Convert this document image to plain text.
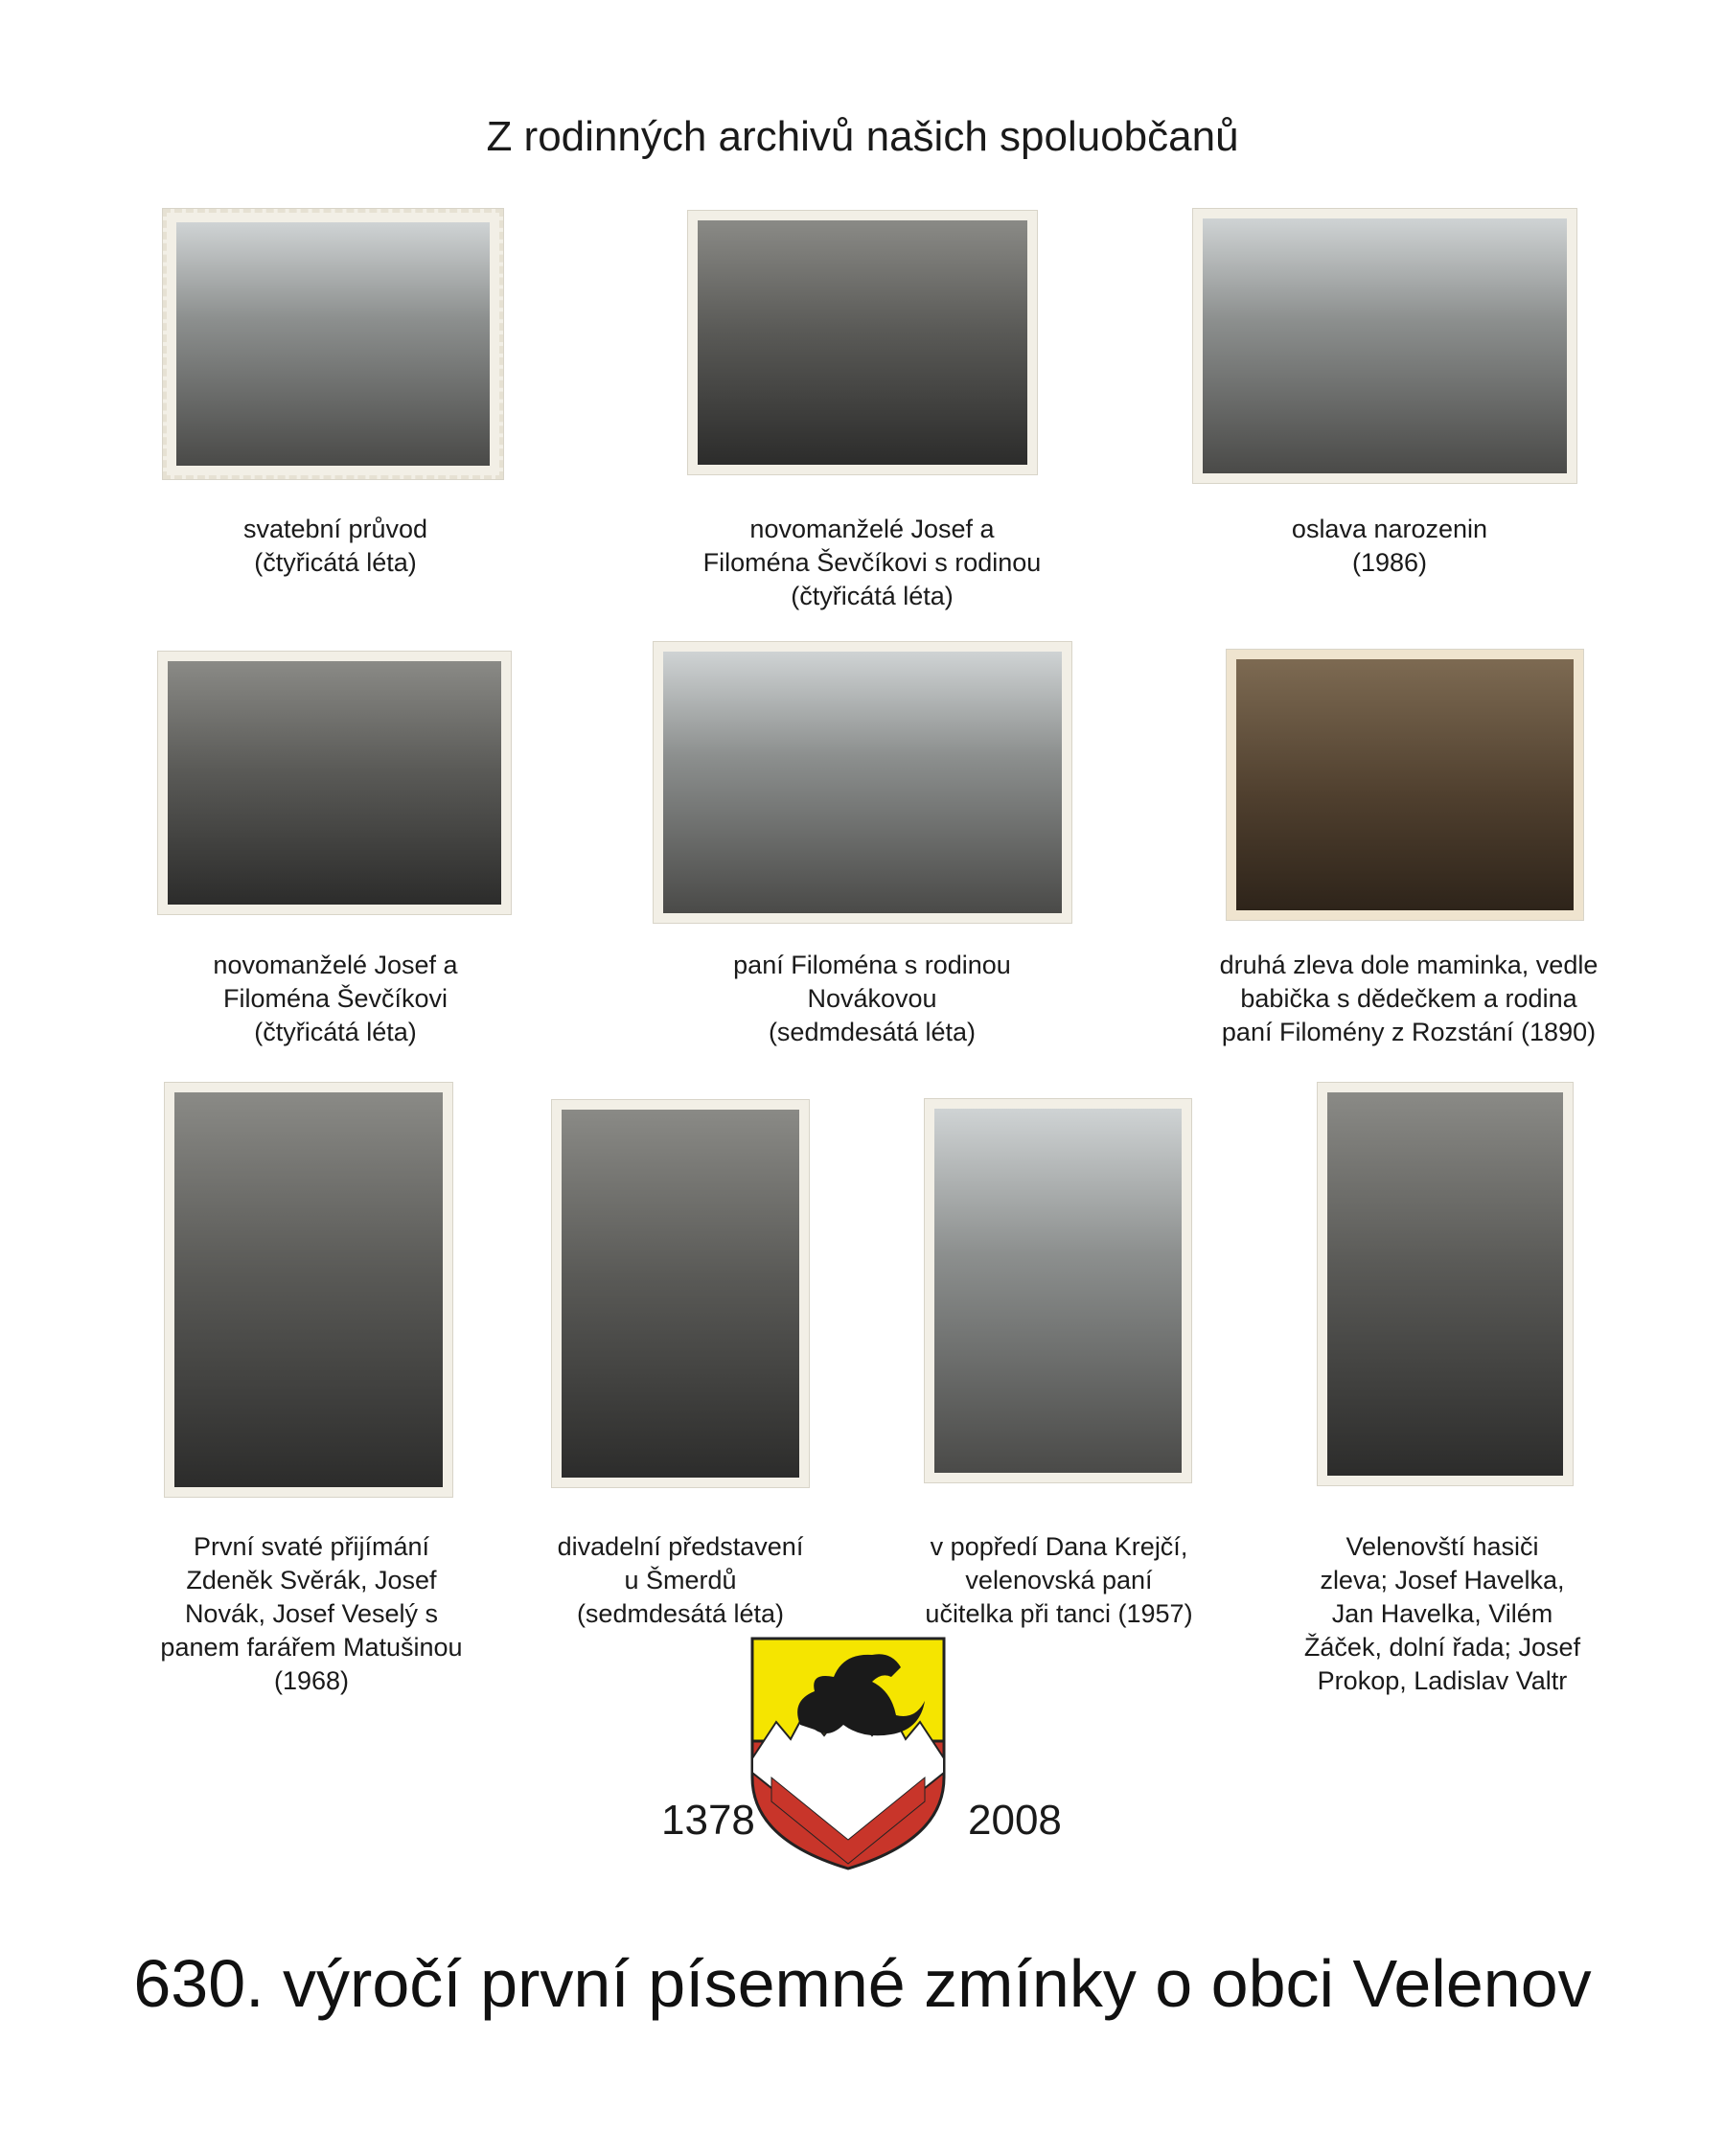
Z rodinných archivů našich spoluobčanů
svatební průvod
(čtyřicátá léta)
novomanželé Josef a
Filoména Ševčíkovi s rodinou
(čtyřicátá léta)
oslava narozenin
(1986)
novomanželé Josef a
Filoména Ševčíkovi
(čtyřicátá léta)
paní Filoména s rodinou
Novákovou
(sedmdesátá léta)
druhá zleva dole maminka, vedle
babička s dědečkem a rodina
paní Filomény z Rozstání (1890)
První svaté přijímání
Zdeněk Svěrák, Josef
Novák, Josef Veselý s
panem farářem Matušinou
(1968)
divadelní představení
u Šmerdů
(sedmdesátá léta)
v popředí Dana Krejčí,
velenovská paní
učitelka při tanci (1957)
Velenovští hasiči
zleva; Josef Havelka,
Jan Havelka, Vilém
Žáček, dolní řada; Josef
Prokop, Ladislav Valtr
1378	2008
630. výročí první písemné zmínky o obci Velenov
